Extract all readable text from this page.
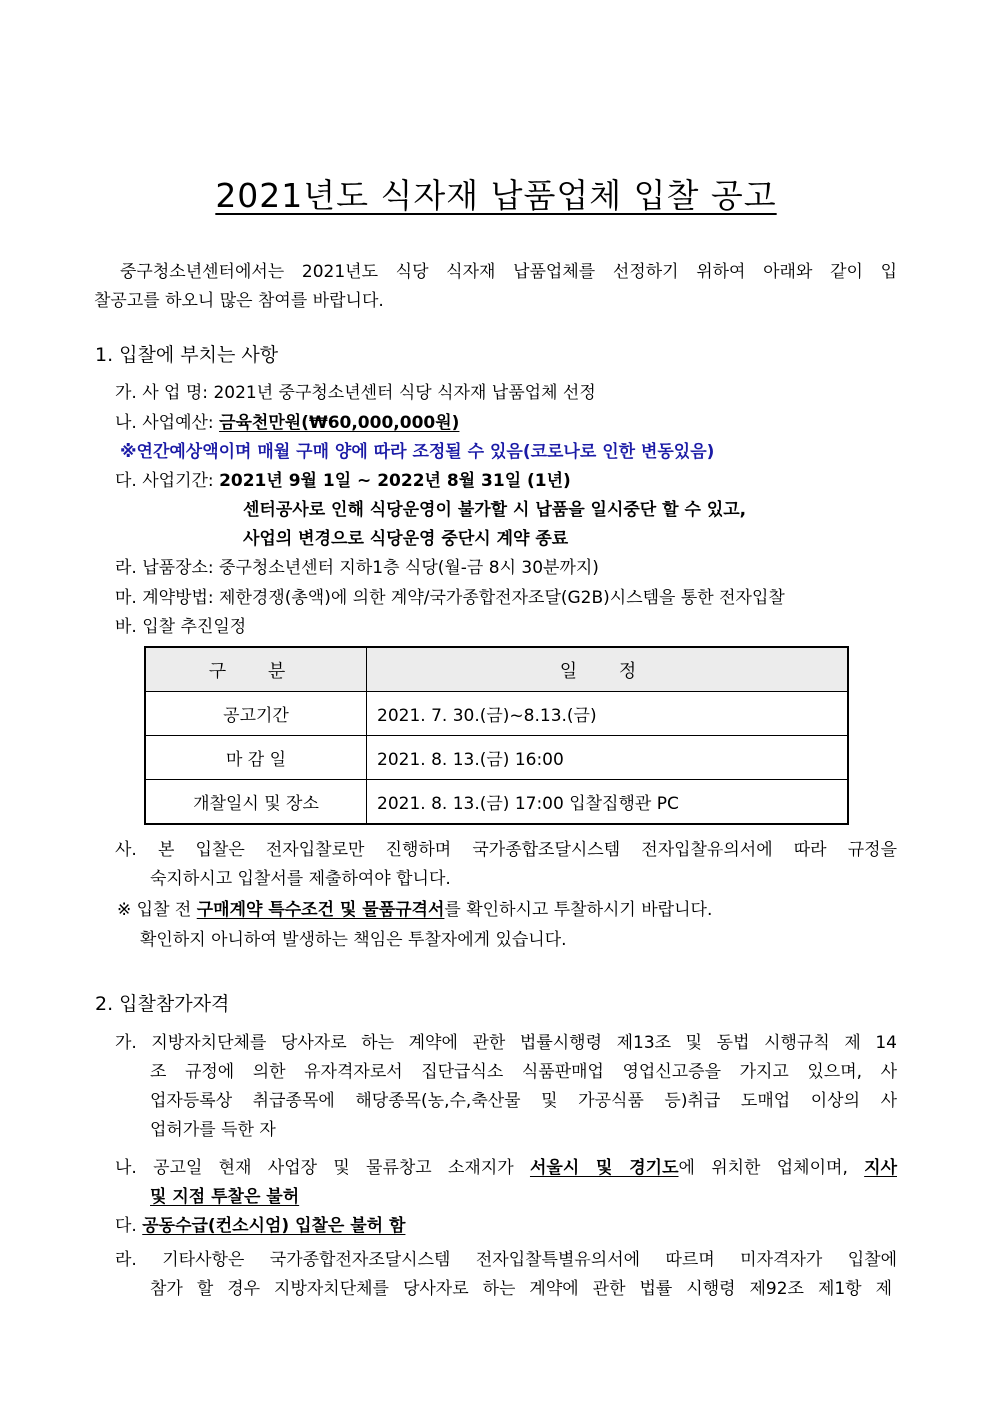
2021년도 식자재 납품업체 입찰 공고
중구청소년센터에서는 2021년도 식당 식자재 납품업체를 선정하기 위하여 아래와 같이 입
찰공고를 하오니 많은 참여를 바랍니다.
1. 입찰에 부치는 사항
가. 사 업 명: 2021년 중구청소년센터 식당 식자재 납품업체 선정
나. 사업예산: 금육천만원(₩60,000,000원)
※연간예상액이며 매월 구매 양에 따라 조정될 수 있음(코로나로 인한 변동있음)
다. 사업기간: 2021년 9월 1일 ~ 2022년 8월 31일 (1년)
센터공사로 인해 식당운영이 불가할 시 납품을 일시중단 할 수 있고,
사업의 변경으로 식당운영 중단시 계약 종료
라. 납품장소: 중구청소년센터 지하1층 식당(월-금 8시 30분까지)
마. 계약방법: 제한경쟁(총액)에 의한 계약/국가종합전자조달(G2B)시스템을 통한 전자입찰
바. 입찰 추진일정
구 분	일 정
공고기간	2021. 7. 30.(금)~8.13.(금)
마 감 일	2021. 8. 13.(금) 16:00
개찰일시 및 장소	2021. 8. 13.(금) 17:00 입찰집행관 PC
사. 본 입찰은 전자입찰로만 진행하며 국가종합조달시스템 전자입찰유의서에 따라 규정을
숙지하시고 입찰서를 제출하여야 합니다.
※ 입찰 전 구매계약 특수조건 및 물품규격서를 확인하시고 투찰하시기 바랍니다.
확인하지 아니하여 발생하는 책임은 투찰자에게 있습니다.
2. 입찰참가자격
가. 지방자치단체를 당사자로 하는 계약에 관한 법률시행령 제13조 및 동법 시행규칙 제 14
조 규정에 의한 유자격자로서 집단급식소 식품판매업 영업신고증을 가지고 있으며, 사
업자등록상 취급종목에 해당종목(농,수,축산물 및 가공식품 등)취급 도매업 이상의 사
업허가를 득한 자
나. 공고일 현재 사업장 및 물류창고 소재지가 서울시 및 경기도에 위치한 업체이며, 지사
및 지점 투찰은 불허
다. 공동수급(컨소시엄) 입찰은 불허 함
라. 기타사항은 국가종합전자조달시스템 전자입찰특별유의서에 따르며 미자격자가 입찰에
참가 할 경우 지방자치단체를 당사자로 하는 계약에 관한 법률 시행령 제92조 제1항 제
